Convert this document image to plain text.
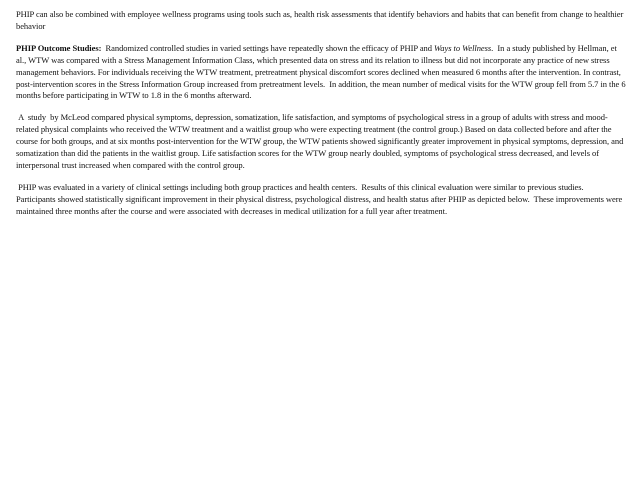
PHIP can also be combined with employee wellness programs using tools such as, health risk assessments that identify behaviors and habits that can benefit from change to healthier behavior

PHIP Outcome Studies:  Randomized controlled studies in varied settings have repeatedly shown the efficacy of PHIP and Ways to Wellness.  In a study published by Hellman, et al., WTW was compared with a Stress Management Information Class, which presented data on stress and its relation to illness but did not incorporate any practice of new stress management behaviors. For individuals receiving the WTW treatment, pretreatment physical discomfort scores declined when measured 6 months after the intervention. In contrast, post-intervention scores in the Stress Information Group increased from pretreatment levels.  In addition, the mean number of medical visits for the WTW group fell from 5.7 in the 6 months before participating in WTW to 1.8 in the 6 months afterward.

A  study  by McLeod compared physical symptoms, depression, somatization, life satisfaction, and symptoms of psychological stress in a group of adults with stress and mood-related physical complaints who received the WTW treatment and a waitlist group who were expecting treatment (the control group.) Based on data collected before and after the course for both groups, and at six months post-intervention for the WTW group, the WTW patients showed significantly greater improvement in physical symptoms, depression, and somatization than did the patients in the waitlist group. Life satisfaction scores for the WTW group nearly doubled, symptoms of psychological stress decreased, and levels of interpersonal trust increased when compared with the control group.

PHIP was evaluated in a variety of clinical settings including both group practices and health centers.  Results of this clinical evaluation were similar to previous studies.  Participants showed statistically significant improvement in their physical distress, psychological distress, and health status after PHIP as depicted below.  These improvements were maintained three months after the course and were associated with decreases in medical utilization for a full year after treatment.
